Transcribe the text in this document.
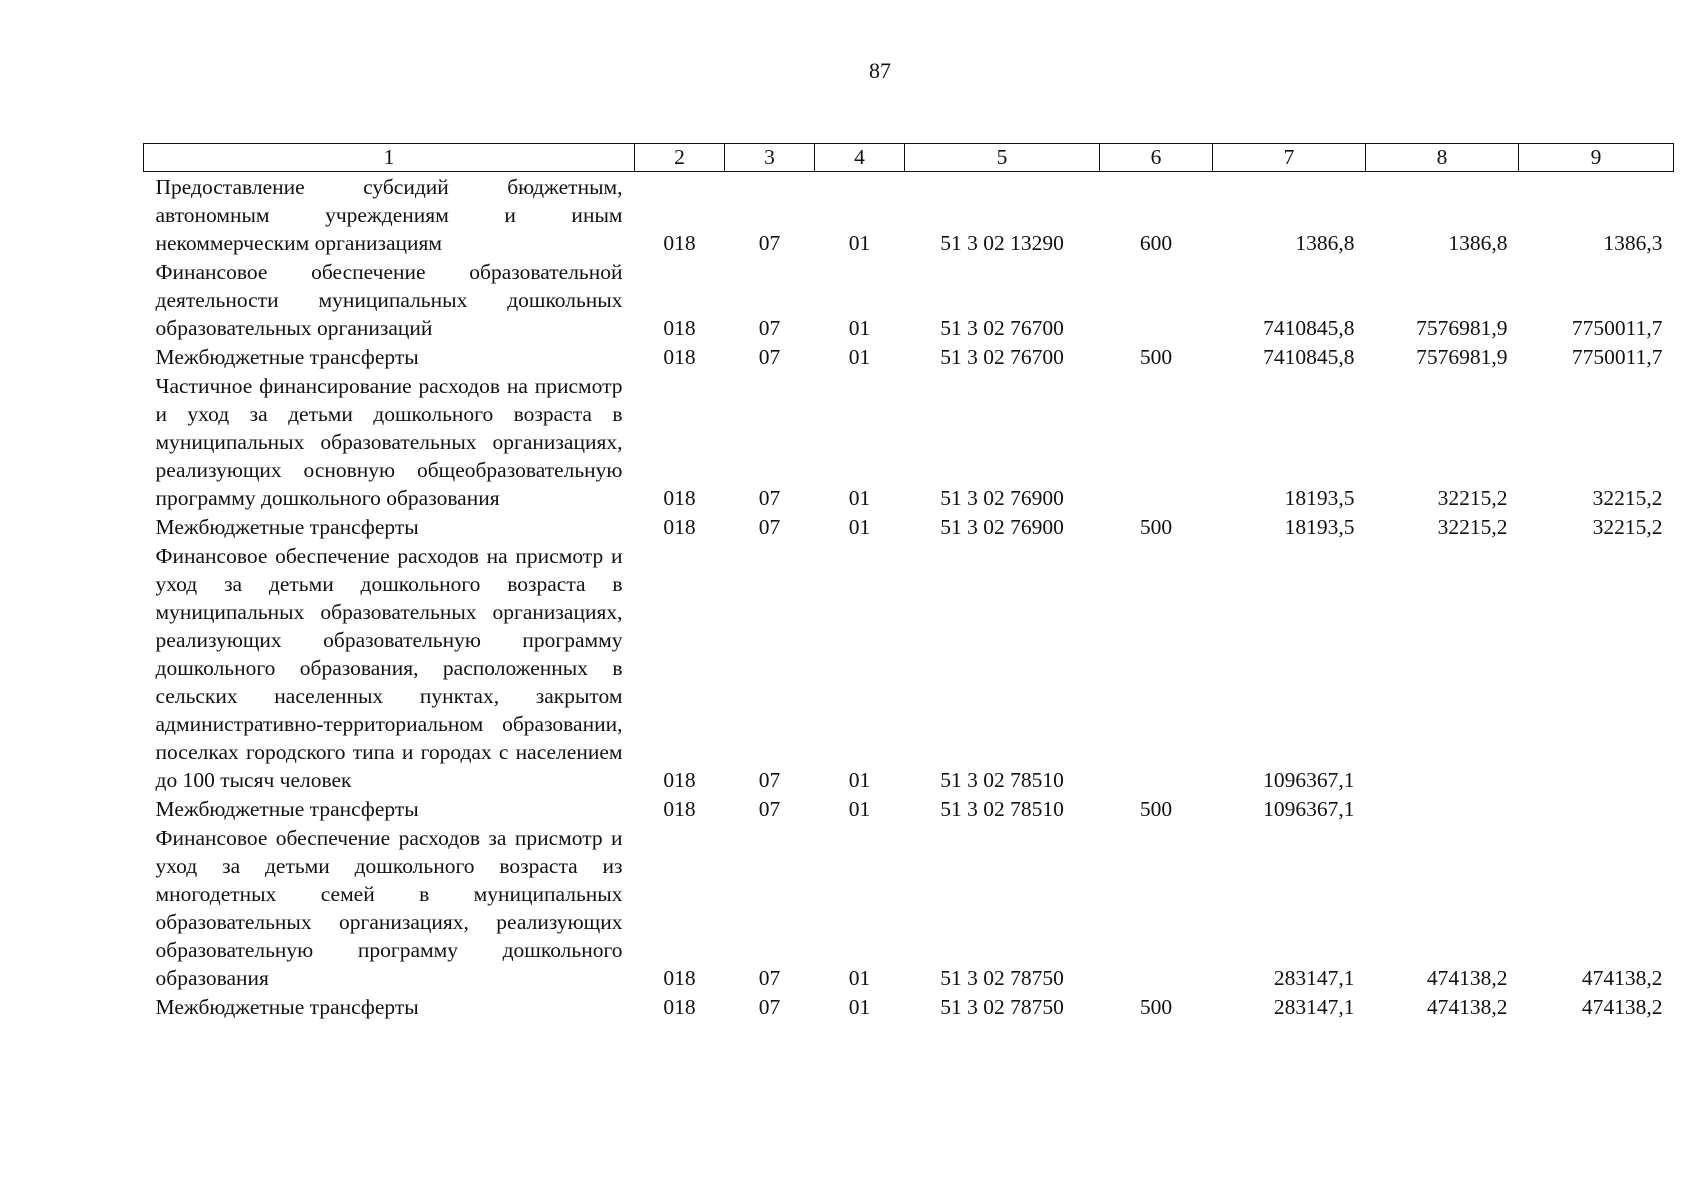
87
1	2	3	4	5	6	7	8	9
Предоставление субсидий бюджетным, автономным учреждениям и иным некоммерческим организациям	018	07	01	51 3 02 13290	600	1386,8	1386,8	1386,3
Финансовое обеспечение образовательной деятельности муниципальных дошкольных образовательных организаций	018	07	01	51 3 02 76700		7410845,8	7576981,9	7750011,7
Межбюджетные трансферты	018	07	01	51 3 02 76700	500	7410845,8	7576981,9	7750011,7
Частичное финансирование расходов на присмотр и уход за детьми дошкольного возраста в муниципальных образовательных организациях, реализующих основную общеобразовательную программу дошкольного образования	018	07	01	51 3 02 76900		18193,5	32215,2	32215,2
Межбюджетные трансферты	018	07	01	51 3 02 76900	500	18193,5	32215,2	32215,2
Финансовое обеспечение расходов на присмотр и уход за детьми дошкольного возраста в муниципальных образовательных организациях, реализующих образовательную программу дошкольного образования, расположенных в сельских населенных пунктах, закрытом административно-территориальном образовании, поселках городского типа и городах с населением до 100 тысяч человек	018	07	01	51 3 02 78510		1096367,1		
Межбюджетные трансферты	018	07	01	51 3 02 78510	500	1096367,1		
Финансовое обеспечение расходов за присмотр и уход за детьми дошкольного возраста из многодетных семей в муниципальных образовательных организациях, реализующих образовательную программу дошкольного образования	018	07	01	51 3 02 78750		283147,1	474138,2	474138,2
Межбюджетные трансферты	018	07	01	51 3 02 78750	500	283147,1	474138,2	474138,2
